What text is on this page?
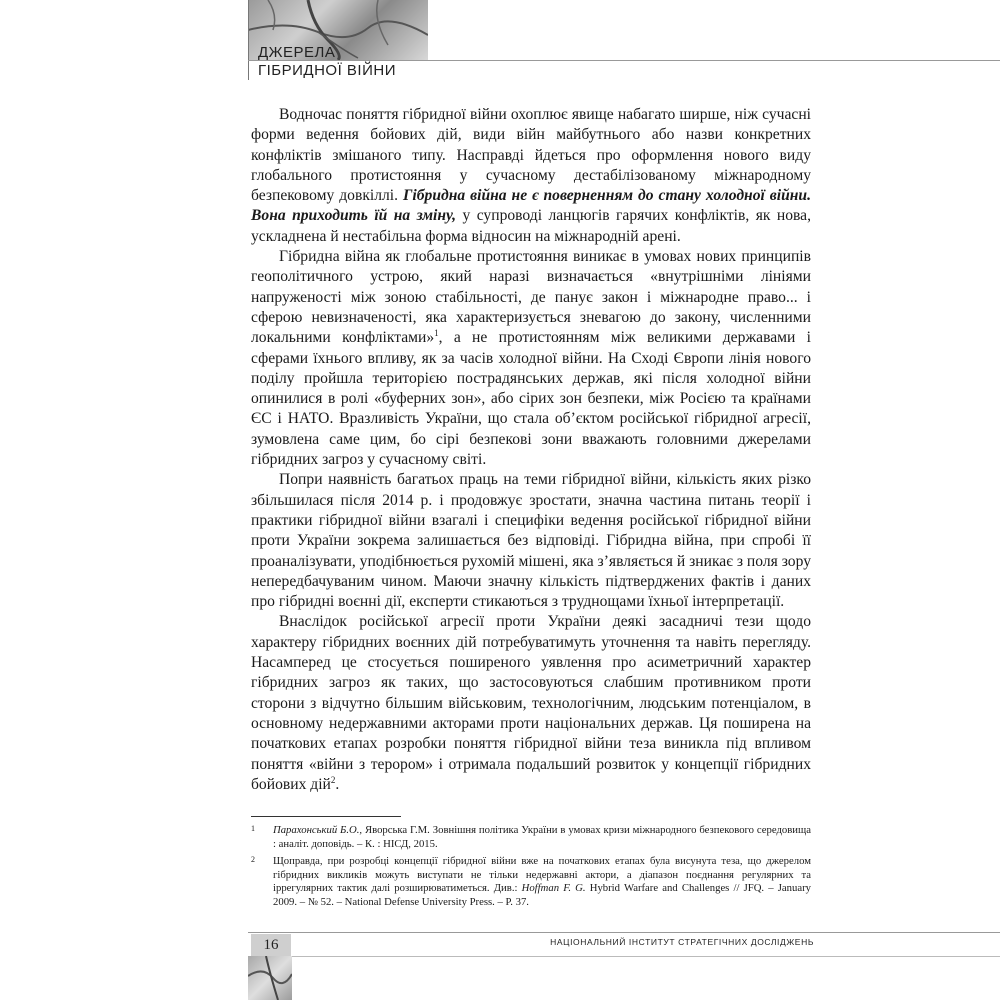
ДЖЕРЕЛА
ГІБРИДНОЇ ВІЙНИ

Водночас поняття гібридної війни охоплює явище набагато ширше, ніж сучасні форми ведення бойових дій, види війн майбутнього або назви конкретних конфліктів змішаного типу. Насправді йдеться про оформлення нового виду глобального протистояння у сучасному дестабілізованому міжнародному безпековому довкіллі. Гібридна війна не є поверненням до стану холодної війни. Вона приходить їй на зміну, у супроводі ланцюгів гарячих конфліктів, як нова, ускладнена й нестабільна форма відносин на міжнародній арені.

Гібридна війна як глобальне протистояння виникає в умовах нових принципів геополітичного устрою, який наразі визначається «внутрішніми лініями напруженості між зоною стабільності, де панує закон і міжнародне право... і сферою невизначеності, яка характеризується зневагою до закону, численними локальними конфліктами»$^1$, а не протистоянням між великими державами і сферами їхнього впливу, як за часів холодної війни. На Сході Європи лінія нового поділу пройшла територією пострадянських держав, які після холодної війни опинилися в ролі «буферних зон», або сірих зон безпеки, між Росією та країнами ЄС і НАТО. Вразливість України, що стала об’єктом російської гібридної агресії, зумовлена саме цим, бо сірі безпекові зони вважають головними джерелами гібридних загроз у сучасному світі.

Попри наявність багатьох праць на теми гібридної війни, кількість яких різко збільшилася після 2014 р. і продовжує зростати, значна частина питань теорії і практики гібридної війни взагалі і специфіки ведення російської гібридної війни проти України зокрема залишається без відповіді. Гібридна війна, при спробі її проаналізувати, уподібнюється рухомій мішені, яка з’являється й зникає з поля зору непередбачуваним чином. Маючи значну кількість підтверджених фактів і даних про гібридні воєнні дії, експерти стикаються з труднощами їхньої інтерпретації.

Внаслідок російської агресії проти України деякі засадничі тези щодо характеру гібридних воєнних дій потребуватимуть уточнення та навіть перегляду. Насамперед це стосується поширеного уявлення про асиметричний характер гібридних загроз як таких, що застосовуються слабшим противником проти сторони з відчутно більшим військовим, технологічним, людським потенціалом, в основному недержавними акторами проти національних держав. Ця поширена на початкових етапах розробки поняття гібридної війни теза виникла під впливом поняття «війни з терором» і отримала подальший розвиток у концепції гібридних бойових дій$^2$.

1 Парахонський Б.О., Яворська Г.М. Зовнішня політика України в умовах кризи міжнародного безпекового середовища : аналіт. доповідь. – К. : НІСД, 2015.
2 Щоправда, при розробці концепції гібридної війни вже на початкових етапах була висунута теза, що джерелом гібридних викликів можуть виступати не тільки недержавні актори, а діапазон поєднання регулярних та іррегулярних тактик далі розширюватиметься. Див.: Hoffman F. G. Hybrid Warfare and Challenges // JFQ. – January 2009. – № 52. – National Defense University Press. – P. 37.
16	НАЦІОНАЛЬНИЙ ІНСТИТУТ СТРАТЕГІЧНИХ ДОСЛІДЖЕНЬ
